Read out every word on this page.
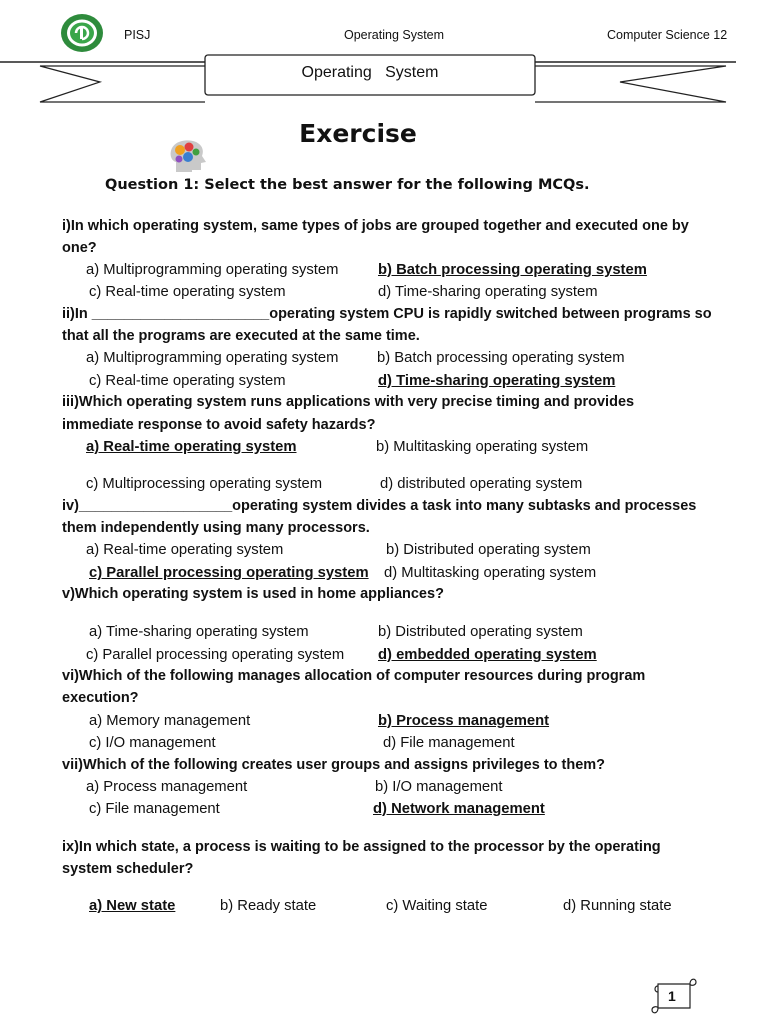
PISJ	Operating System	Computer Science 12
Operating   System
Exercise
Question 1: Select the best answer for the following MCQs.
i)In which operating system, same types of jobs are grouped together and executed one by
one?
a) Multiprogramming operating system	b) Batch processing operating system
c) Real-time operating system	d) Time-sharing operating system
ii)In ______________________operating system CPU is rapidly switched between programs so
that all the programs are executed at the same time.
a) Multiprogramming operating system	b) Batch processing operating system
c) Real-time operating system	d) Time-sharing operating system
iii)Which operating system runs applications with very precise timing and provides
immediate response to avoid safety hazards?
a) Real-time operating system	b) Multitasking operating system
c) Multiprocessing operating system	d) distributed operating system
iv)___________________operating system divides a task into many subtasks and processes
them independently using many processors.
a) Real-time operating system	b) Distributed operating system
c) Parallel processing operating system d) Multitasking operating system
v)Which operating system is used in home appliances?
a) Time-sharing operating system	b) Distributed operating system
c) Parallel processing operating system d) embedded operating system
vi)Which of the following manages allocation of computer resources during program
execution?
a) Memory management	b) Process management
c) I/O management	d) File management
vii)Which of the following creates user groups and assigns privileges to them?
a) Process management	b) I/O management
c) File management	d) Network management
ix)In which state, a process is waiting to be assigned to the processor by the operating
system scheduler?
a) New state	b) Ready state	c) Waiting state	d) Running state
1
